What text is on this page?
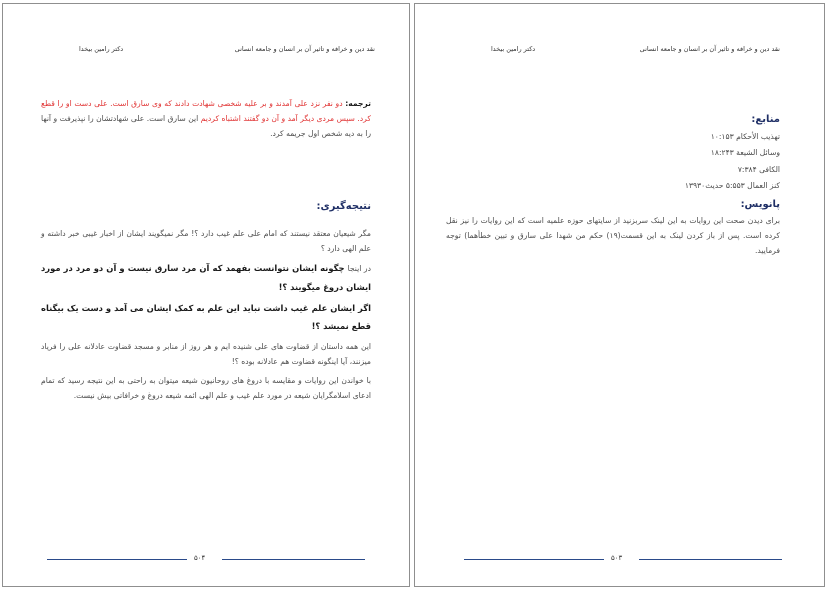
نقد دین و خرافه و تاثیر آن بر انسان و جامعه انسانی
دکتر رامین بیخدا

ترجمه: دو نفر نزد علی آمدند و بر علیه شخصی شهادت دادند که وی سارق است. علی دست او را قطع کرد. سپس مردی دیگر آمد و آن دو گفتند اشتباه کردیم این سارق است. علی شهادتشان را نپذیرفت و آنها را به دیه شخص اول جریمه کرد.

نتیجه‌گیری:

مگر شیعیان معتقد نیستند که امام علی علم غیب دارد ؟! مگر نمیگویند ایشان از اخبار غیبی خبر داشته و علم الهی دارد ؟

در اینجا چگونه ایشان نتوانست بفهمد که آن مرد سارق نیست و آن دو مرد در مورد ایشان دروغ میگویند ؟!

اگر ایشان علم غیب داشت نباید این علم به کمک ایشان می آمد و دست یک بیگناه قطع نمیشد ؟!

این همه داستان از قضاوت های علی شنیده ایم و هر روز از منابر و مسجد قضاوت عادلانه علی را فریاد میزنند، آیا اینگونه قضاوت هم عادلانه بوده ؟!

با خواندن این روایات و مقایسه با دروغ های روحانیون شیعه میتوان به راحتی به این نتیجه رسید که تمام ادعای اسلامگرایان شیعه در مورد علم غیب و علم الهی ائمه شیعه دروغ و خرافاتی بیش نیست.

۵۰۴
نقد دین و خرافه و تاثیر آن بر انسان و جامعه انسانی
دکتر رامین بیخدا
منابع:
تهذیب الأحکام ۱۰:۱۵۳
وسائل الشیعة ۱۸:۲۴۳
الکافی ۷:۳۸۴
کنز العمال ۵:۵۵۳ حدیث۱۳۹۳۰
پانویس:

برای دیدن صحت این روایات به این لینک سربزنید از سایتهای حوزه علمیه است که این روایات را نیز نقل کرده است. پس از باز کردن لینک به این قسمت(۱۹) حکم من شهدا علی سارق و تبین خطأهما) توجه فرمایید.

۵۰۳
